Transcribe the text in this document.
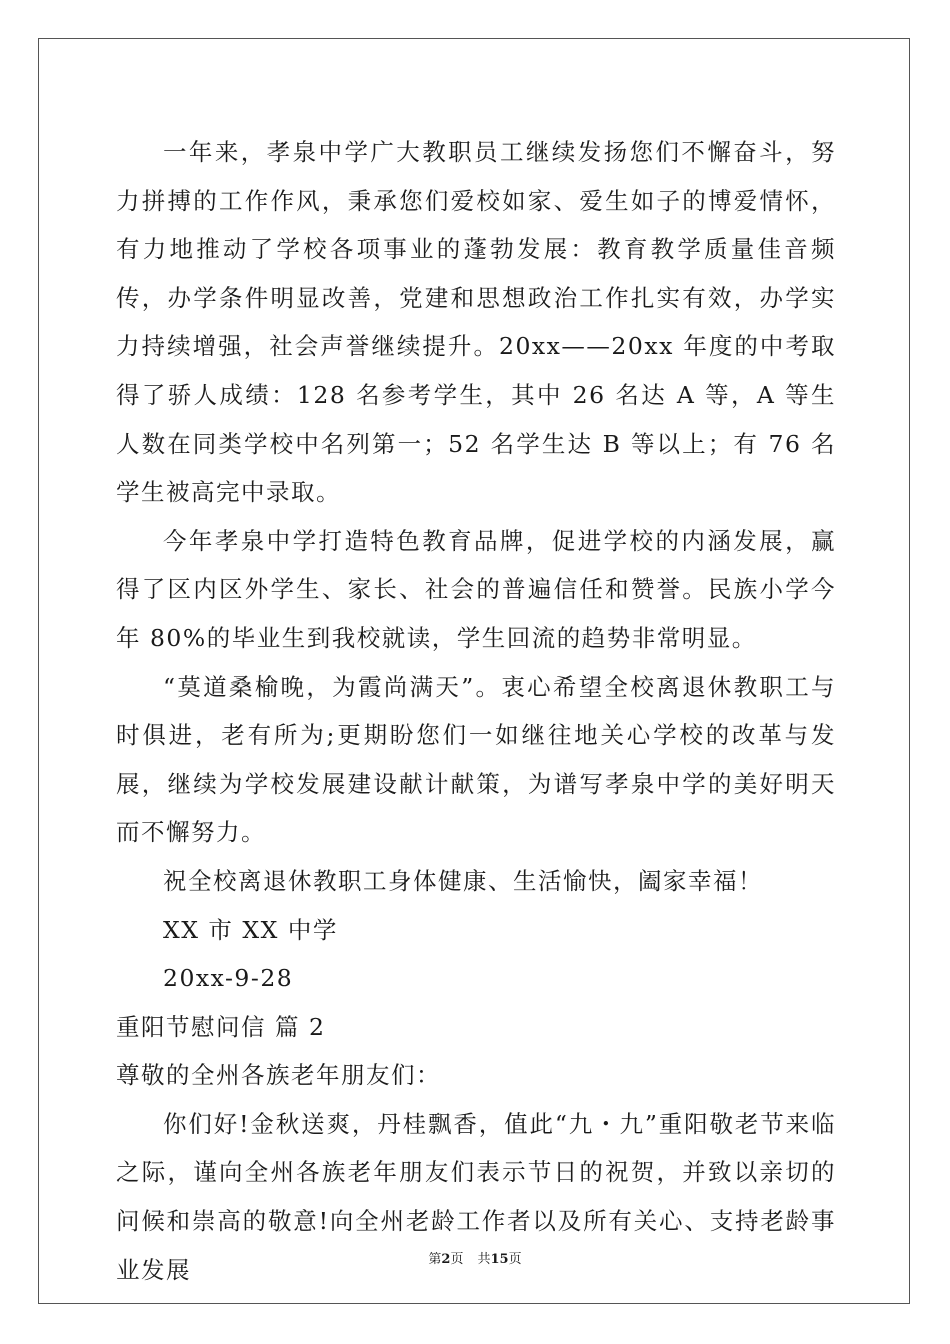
一年来，孝泉中学广大教职员工继续发扬您们不懈奋斗，努力拼搏的工作作风，秉承您们爱校如家、爱生如子的博爱情怀，有力地推动了学校各项事业的蓬勃发展：教育教学质量佳音频传，办学条件明显改善，党建和思想政治工作扎实有效，办学实力持续增强，社会声誉继续提升。20xx——20xx 年度的中考取得了骄人成绩：128 名参考学生，其中 26 名达 A 等，A 等生人数在同类学校中名列第一；52 名学生达 B 等以上；有 76 名学生被高完中录取。

今年孝泉中学打造特色教育品牌，促进学校的内涵发展，赢得了区内区外学生、家长、社会的普遍信任和赞誉。民族小学今年 80%的毕业生到我校就读，学生回流的趋势非常明显。

“莫道桑榆晚，为霞尚满天”。衷心希望全校离退休教职工与时俱进，老有所为;更期盼您们一如继往地关心学校的改革与发展，继续为学校发展建设献计献策，为谱写孝泉中学的美好明天而不懈努力。

祝全校离退休教职工身体健康、生活愉快，阖家幸福！

XX 市 XX 中学

20xx-9-28

重阳节慰问信 篇 2

尊敬的全州各族老年朋友们：

你们好!金秋送爽，丹桂飘香，值此“九・九”重阳敬老节来临之际，谨向全州各族老年朋友们表示节日的祝贺，并致以亲切的问候和崇高的敬意!向全州老龄工作者以及所有关心、支持老龄事业发展	第2页 共15页
